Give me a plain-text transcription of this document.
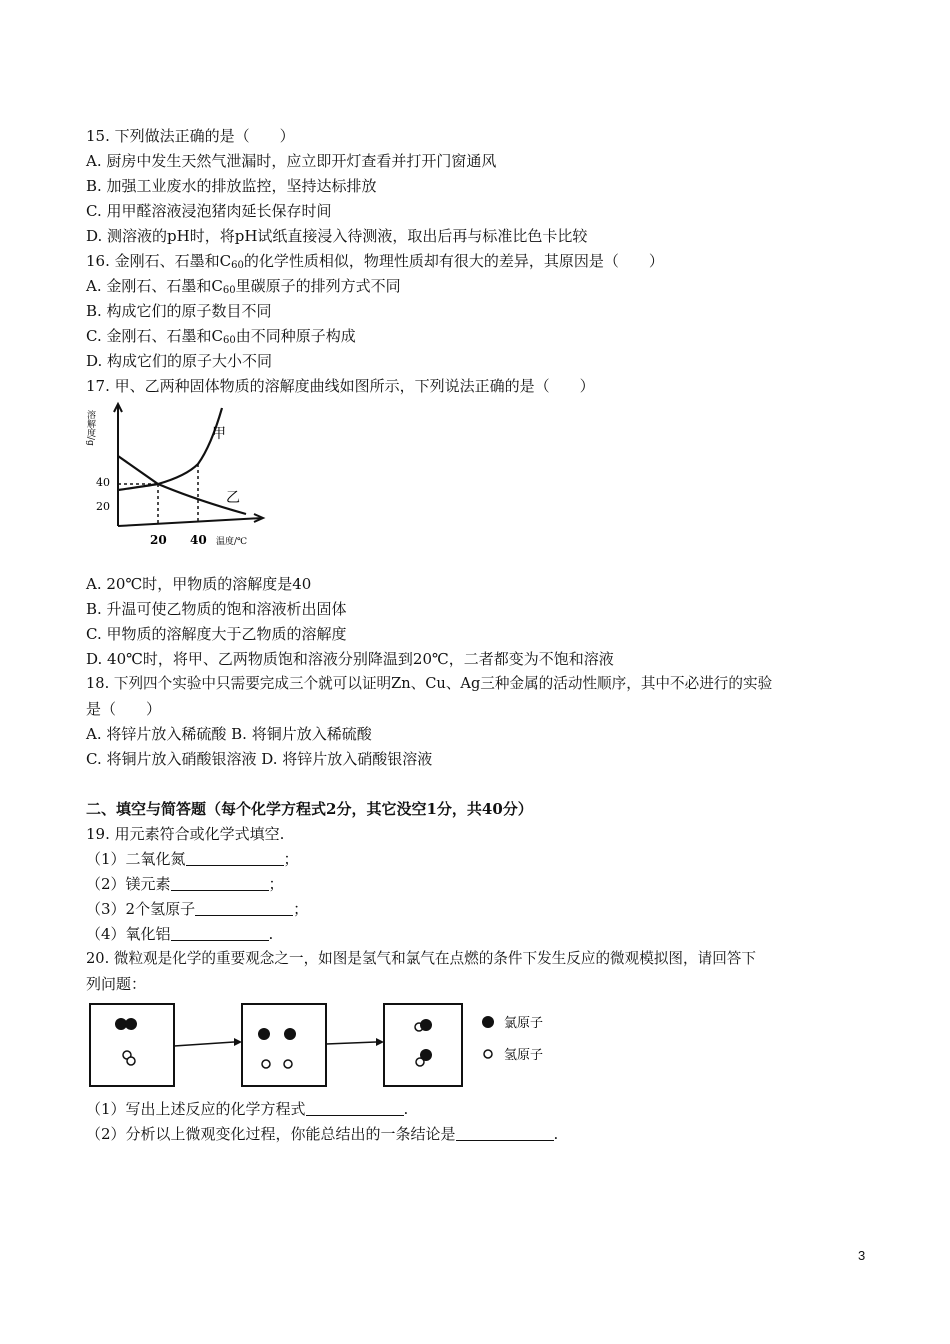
15. 下列做法正确的是（　　）
A. 厨房中发生天然气泄漏时，应立即开灯查看并打开门窗通风
B. 加强工业废水的排放监控，坚持达标排放
C. 用甲醛溶液浸泡猪肉延长保存时间
D. 测溶液的pH时，将pH试纸直接浸入待测液，取出后再与标准比色卡比较
16. 金刚石、石墨和$C_{60}$的化学性质相似，物理性质却有很大的差异，其原因是（　　）
A. 金刚石、石墨和$C_{60}$里碳原子的排列方式不同
B. 构成它们的原子数目不同
C. 金刚石、石墨和$C_{60}$由不同种原子构成
D. 构成它们的原子大小不同
17. 甲、乙两种固体物质的溶解度曲线如图所示，下列说法正确的是（　　）
溶解度/g
40
20
甲
乙
20 40 温度/℃
A. 20℃时，甲物质的溶解度是40
B. 升温可使乙物质的饱和溶液析出固体
C. 甲物质的溶解度大于乙物质的溶解度
D. 40℃时，将甲、乙两物质饱和溶液分别降温到20℃，二者都变为不饱和溶液
18. 下列四个实验中只需要完成三个就可以证明Zn、Cu、Ag三种金属的活动性顺序，其中不必进行的实验
是（　　）
A. 将锌片放入稀硫酸 B. 将铜片放入稀硫酸
C. 将铜片放入硝酸银溶液 D. 将锌片放入硝酸银溶液
二、填空与简答题（每个化学方程式2分，其它没空1分，共40分）
19. 用元素符合或化学式填空.
（1）二氧化氮	；
（2）镁元素	；
（3）2个氢原子	；
（4）氧化铝	.
20. 微粒观是化学的重要观念之一，如图是氢气和氯气在点燃的条件下发生反应的微观模拟图，请回答下
列问题：
氯原子
氢原子
（1）写出上述反应的化学方程式	.
（2）分析以上微观变化过程，你能总结出的一条结论是	.
3
